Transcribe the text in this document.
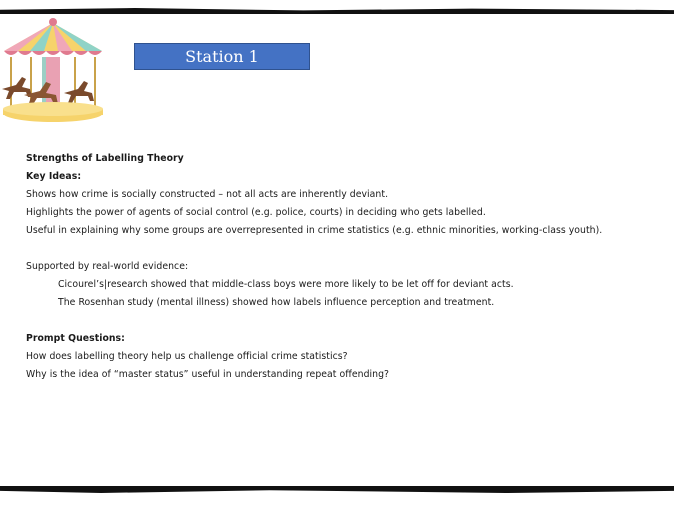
Station 1
Strengths of Labelling Theory
Key Ideas:
Shows how crime is socially constructed – not all acts are inherently deviant.
Highlights the power of agents of social control (e.g. police, courts) in deciding who gets labelled.
Useful in explaining why some groups are overrepresented in crime statistics (e.g. ethnic minorities, working-class youth).
Supported by real-world evidence:
Cicourel’s|research showed that middle-class boys were more likely to be let off for deviant acts.
The Rosenhan study (mental illness) showed how labels influence perception and treatment.
Prompt Questions:
How does labelling theory help us challenge official crime statistics?
Why is the idea of “master status” useful in understanding repeat offending?
